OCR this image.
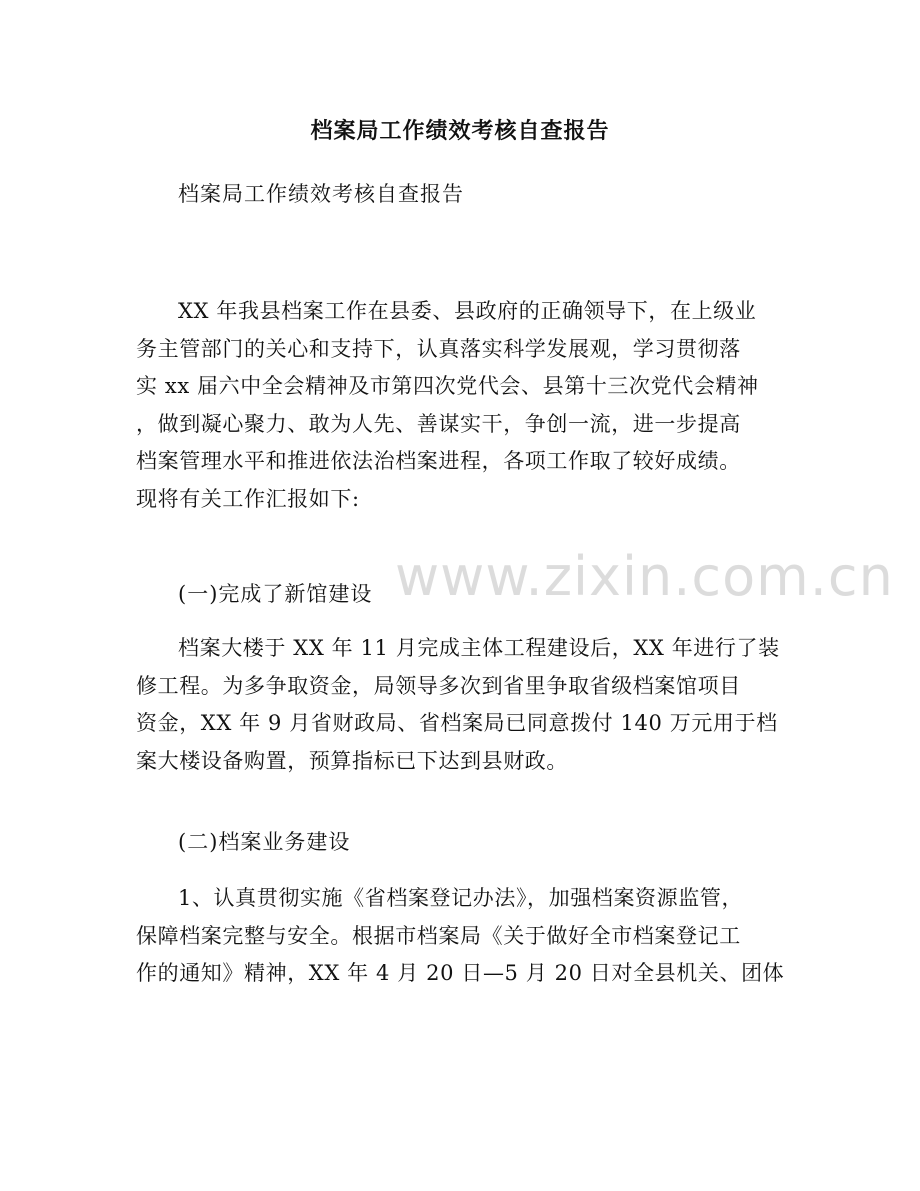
档案局工作绩效考核自查报告

档案局工作绩效考核自查报告

XX 年我县档案工作在县委、县政府的正确领导下，在上级业
务主管部门的关心和支持下，认真落实科学发展观，学习贯彻落
实 xx 届六中全会精神及市第四次党代会、县第十三次党代会精神
，做到凝心聚力、敢为人先、善谋实干，争创一流，进一步提高
档案管理水平和推进依法治档案进程，各项工作取了较好成绩。
现将有关工作汇报如下:

(一)完成了新馆建设

档案大楼于 XX 年 11 月完成主体工程建设后，XX 年进行了装
修工程。为多争取资金，局领导多次到省里争取省级档案馆项目
资金，XX 年 9 月省财政局、省档案局已同意拨付 140 万元用于档
案大楼设备购置，预算指标已下达到县财政。

(二)档案业务建设

1、认真贯彻实施《省档案登记办法》，加强档案资源监管，
保障档案完整与安全。根据市档案局《关于做好全市档案登记工
作的通知》精神，XX 年 4 月 20 日—5 月 20 日对全县机关、团体
www.zixin.com.cn
